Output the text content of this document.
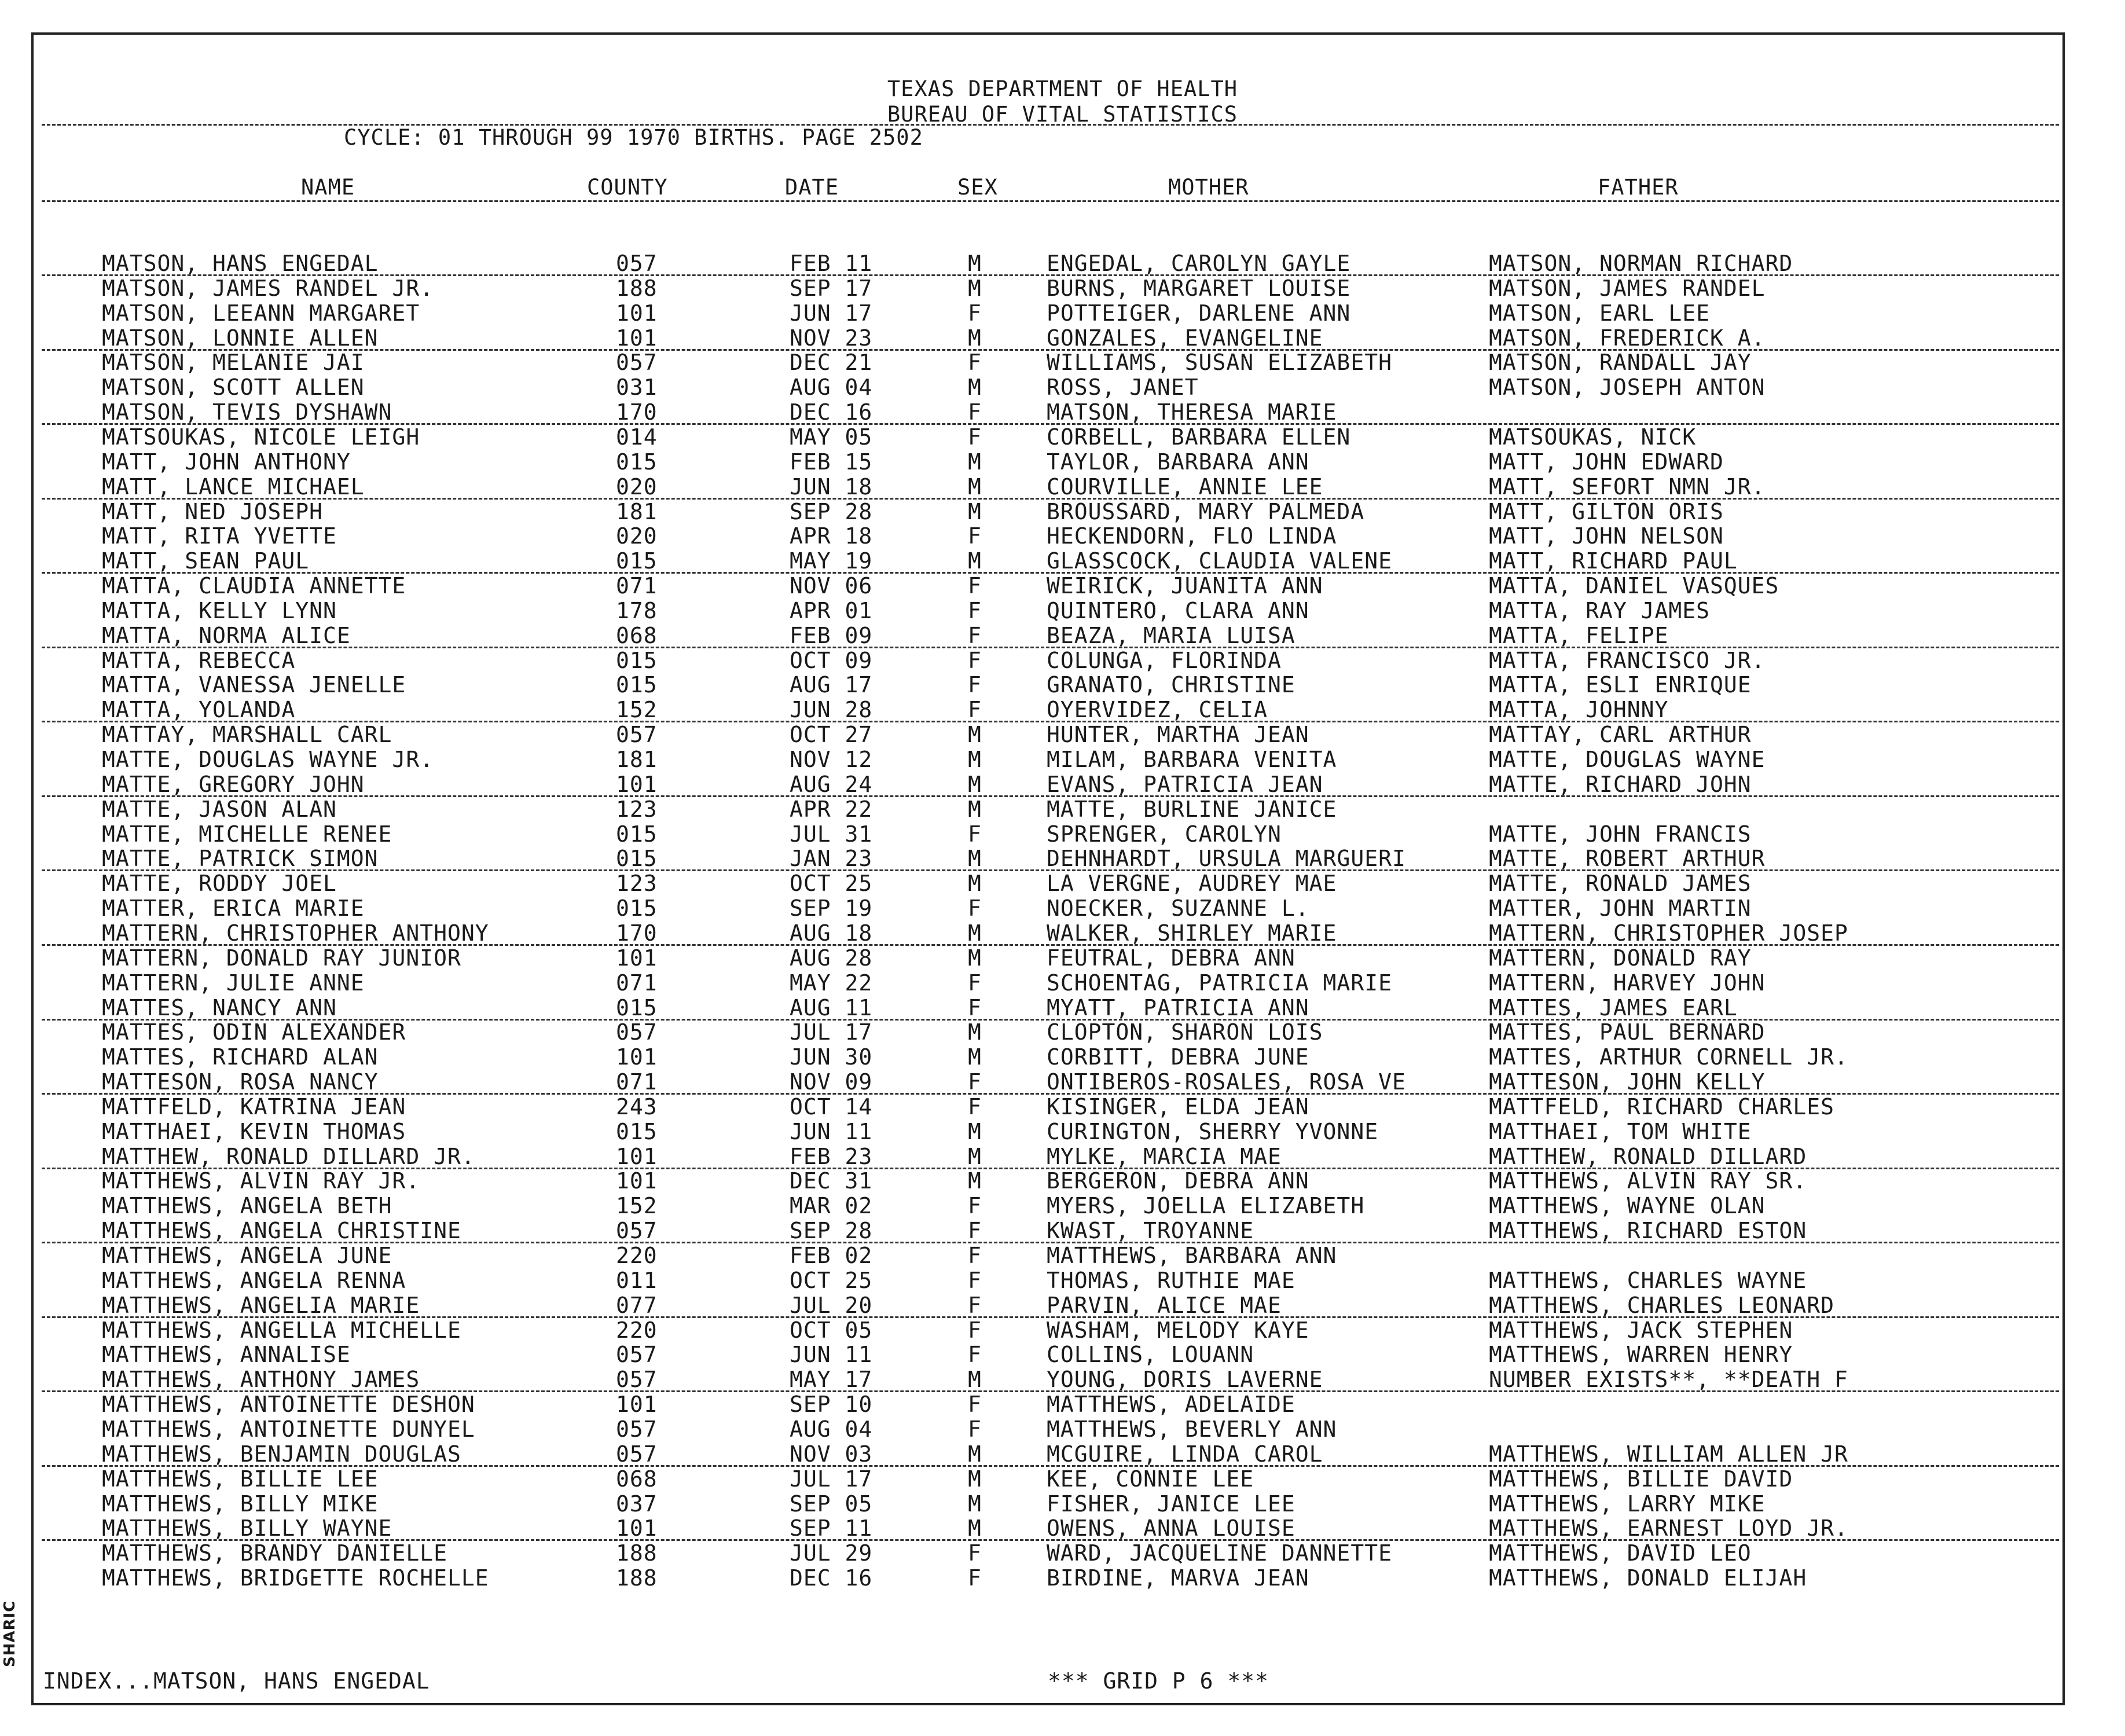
TEXAS DEPARTMENT OF HEALTH
BUREAU OF VITAL STATISTICS
CYCLE: 01 THROUGH 99 1970 BIRTHS. PAGE 2502
NAME	COUNTY	DATE	SEX	MOTHER	FATHER
MATSON, HANS ENGEDAL	057	FEB 11	M	ENGEDAL, CAROLYN GAYLE	MATSON, NORMAN RICHARD
MATSON, JAMES RANDEL JR.	188	SEP 17	M	BURNS, MARGARET LOUISE	MATSON, JAMES RANDEL
MATSON, LEEANN MARGARET	101	JUN 17	F	POTTEIGER, DARLENE ANN	MATSON, EARL LEE
MATSON, LONNIE ALLEN	101	NOV 23	M	GONZALES, EVANGELINE	MATSON, FREDERICK A.
MATSON, MELANIE JAI	057	DEC 21	F	WILLIAMS, SUSAN ELIZABETH	MATSON, RANDALL JAY
MATSON, SCOTT ALLEN	031	AUG 04	M	ROSS, JANET	MATSON, JOSEPH ANTON
MATSON, TEVIS DYSHAWN	170	DEC 16	F	MATSON, THERESA MARIE
MATSOUKAS, NICOLE LEIGH	014	MAY 05	F	CORBELL, BARBARA ELLEN	MATSOUKAS, NICK
MATT, JOHN ANTHONY	015	FEB 15	M	TAYLOR, BARBARA ANN	MATT, JOHN EDWARD
MATT, LANCE MICHAEL	020	JUN 18	M	COURVILLE, ANNIE LEE	MATT, SEFORT NMN JR.
MATT, NED JOSEPH	181	SEP 28	M	BROUSSARD, MARY PALMEDA	MATT, GILTON ORIS
MATT, RITA YVETTE	020	APR 18	F	HECKENDORN, FLO LINDA	MATT, JOHN NELSON
MATT, SEAN PAUL	015	MAY 19	M	GLASSCOCK, CLAUDIA VALENE	MATT, RICHARD PAUL
MATTA, CLAUDIA ANNETTE	071	NOV 06	F	WEIRICK, JUANITA ANN	MATTA, DANIEL VASQUES
MATTA, KELLY LYNN	178	APR 01	F	QUINTERO, CLARA ANN	MATTA, RAY JAMES
MATTA, NORMA ALICE	068	FEB 09	F	BEAZA, MARIA LUISA	MATTA, FELIPE
MATTA, REBECCA	015	OCT 09	F	COLUNGA, FLORINDA	MATTA, FRANCISCO JR.
MATTA, VANESSA JENELLE	015	AUG 17	F	GRANATO, CHRISTINE	MATTA, ESLI ENRIQUE
MATTA, YOLANDA	152	JUN 28	F	OYERVIDEZ, CELIA	MATTA, JOHNNY
MATTAY, MARSHALL CARL	057	OCT 27	M	HUNTER, MARTHA JEAN	MATTAY, CARL ARTHUR
MATTE, DOUGLAS WAYNE JR.	181	NOV 12	M	MILAM, BARBARA VENITA	MATTE, DOUGLAS WAYNE
MATTE, GREGORY JOHN	101	AUG 24	M	EVANS, PATRICIA JEAN	MATTE, RICHARD JOHN
MATTE, JASON ALAN	123	APR 22	M	MATTE, BURLINE JANICE
MATTE, MICHELLE RENEE	015	JUL 31	F	SPRENGER, CAROLYN	MATTE, JOHN FRANCIS
MATTE, PATRICK SIMON	015	JAN 23	M	DEHNHARDT, URSULA MARGUERI	MATTE, ROBERT ARTHUR
MATTE, RODDY JOEL	123	OCT 25	M	LA VERGNE, AUDREY MAE	MATTE, RONALD JAMES
MATTER, ERICA MARIE	015	SEP 19	F	NOECKER, SUZANNE L.	MATTER, JOHN MARTIN
MATTERN, CHRISTOPHER ANTHONY	170	AUG 18	M	WALKER, SHIRLEY MARIE	MATTERN, CHRISTOPHER JOSEP
MATTERN, DONALD RAY JUNIOR	101	AUG 28	M	FEUTRAL, DEBRA ANN	MATTERN, DONALD RAY
MATTERN, JULIE ANNE	071	MAY 22	F	SCHOENTAG, PATRICIA MARIE	MATTERN, HARVEY JOHN
MATTES, NANCY ANN	015	AUG 11	F	MYATT, PATRICIA ANN	MATTES, JAMES EARL
MATTES, ODIN ALEXANDER	057	JUL 17	M	CLOPTON, SHARON LOIS	MATTES, PAUL BERNARD
MATTES, RICHARD ALAN	101	JUN 30	M	CORBITT, DEBRA JUNE	MATTES, ARTHUR CORNELL JR.
MATTESON, ROSA NANCY	071	NOV 09	F	ONTIBEROS-ROSALES, ROSA VE	MATTESON, JOHN KELLY
MATTFELD, KATRINA JEAN	243	OCT 14	F	KISINGER, ELDA JEAN	MATTFELD, RICHARD CHARLES
MATTHAEI, KEVIN THOMAS	015	JUN 11	M	CURINGTON, SHERRY YVONNE	MATTHAEI, TOM WHITE
MATTHEW, RONALD DILLARD JR.	101	FEB 23	M	MYLKE, MARCIA MAE	MATTHEW, RONALD DILLARD
MATTHEWS, ALVIN RAY JR.	101	DEC 31	M	BERGERON, DEBRA ANN	MATTHEWS, ALVIN RAY SR.
MATTHEWS, ANGELA BETH	152	MAR 02	F	MYERS, JOELLA ELIZABETH	MATTHEWS, WAYNE OLAN
MATTHEWS, ANGELA CHRISTINE	057	SEP 28	F	KWAST, TROYANNE	MATTHEWS, RICHARD ESTON
MATTHEWS, ANGELA JUNE	220	FEB 02	F	MATTHEWS, BARBARA ANN
MATTHEWS, ANGELA RENNA	011	OCT 25	F	THOMAS, RUTHIE MAE	MATTHEWS, CHARLES WAYNE
MATTHEWS, ANGELIA MARIE	077	JUL 20	F	PARVIN, ALICE MAE	MATTHEWS, CHARLES LEONARD
MATTHEWS, ANGELLA MICHELLE	220	OCT 05	F	WASHAM, MELODY KAYE	MATTHEWS, JACK STEPHEN
MATTHEWS, ANNALISE	057	JUN 11	F	COLLINS, LOUANN	MATTHEWS, WARREN HENRY
MATTHEWS, ANTHONY JAMES	057	MAY 17	M	YOUNG, DORIS LAVERNE	NUMBER EXISTS**, **DEATH F
MATTHEWS, ANTOINETTE DESHON	101	SEP 10	F	MATTHEWS, ADELAIDE
MATTHEWS, ANTOINETTE DUNYEL	057	AUG 04	F	MATTHEWS, BEVERLY ANN
MATTHEWS, BENJAMIN DOUGLAS	057	NOV 03	M	MCGUIRE, LINDA CAROL	MATTHEWS, WILLIAM ALLEN JR
MATTHEWS, BILLIE LEE	068	JUL 17	M	KEE, CONNIE LEE	MATTHEWS, BILLIE DAVID
MATTHEWS, BILLY MIKE	037	SEP 05	M	FISHER, JANICE LEE	MATTHEWS, LARRY MIKE
MATTHEWS, BILLY WAYNE	101	SEP 11	M	OWENS, ANNA LOUISE	MATTHEWS, EARNEST LOYD JR.
MATTHEWS, BRANDY DANIELLE	188	JUL 29	F	WARD, JACQUELINE DANNETTE	MATTHEWS, DAVID LEO
MATTHEWS, BRIDGETTE ROCHELLE	188	DEC 16	F	BIRDINE, MARVA JEAN	MATTHEWS, DONALD ELIJAH
INDEX...MATSON, HANS ENGEDAL	*** GRID P 6 ***
SHARIC
